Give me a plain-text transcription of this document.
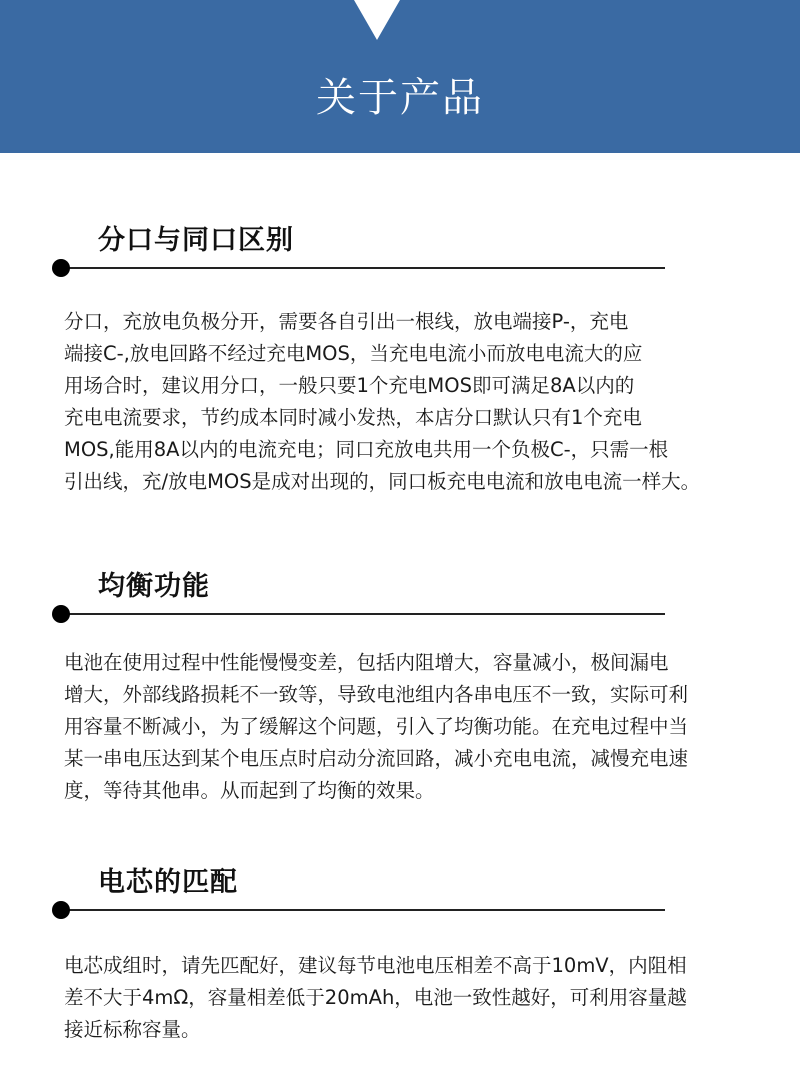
关于产品
分口与同口区别
分口，充放电负极分开，需要各自引出一根线，放电端接P-，充电
端接C-,放电回路不经过充电MOS，当充电电流小而放电电流大的应
用场合时，建议用分口，一般只要1个充电MOS即可满足8A以内的
充电电流要求，节约成本同时减小发热，本店分口默认只有1个充电
MOS,能用8A以内的电流充电；同口充放电共用一个负极C-，只需一根
引出线，充/放电MOS是成对出现的，同口板充电电流和放电电流一样大。
均衡功能
电池在使用过程中性能慢慢变差，包括内阻增大，容量减小，极间漏电
增大，外部线路损耗不一致等，导致电池组内各串电压不一致，实际可利
用容量不断减小，为了缓解这个问题，引入了均衡功能。在充电过程中当
某一串电压达到某个电压点时启动分流回路，减小充电电流，减慢充电速
度，等待其他串。从而起到了均衡的效果。
电芯的匹配
电芯成组时，请先匹配好，建议每节电池电压相差不高于10mV，内阻相
差不大于4mΩ，容量相差低于20mAh，电池一致性越好，可利用容量越
接近标称容量。
